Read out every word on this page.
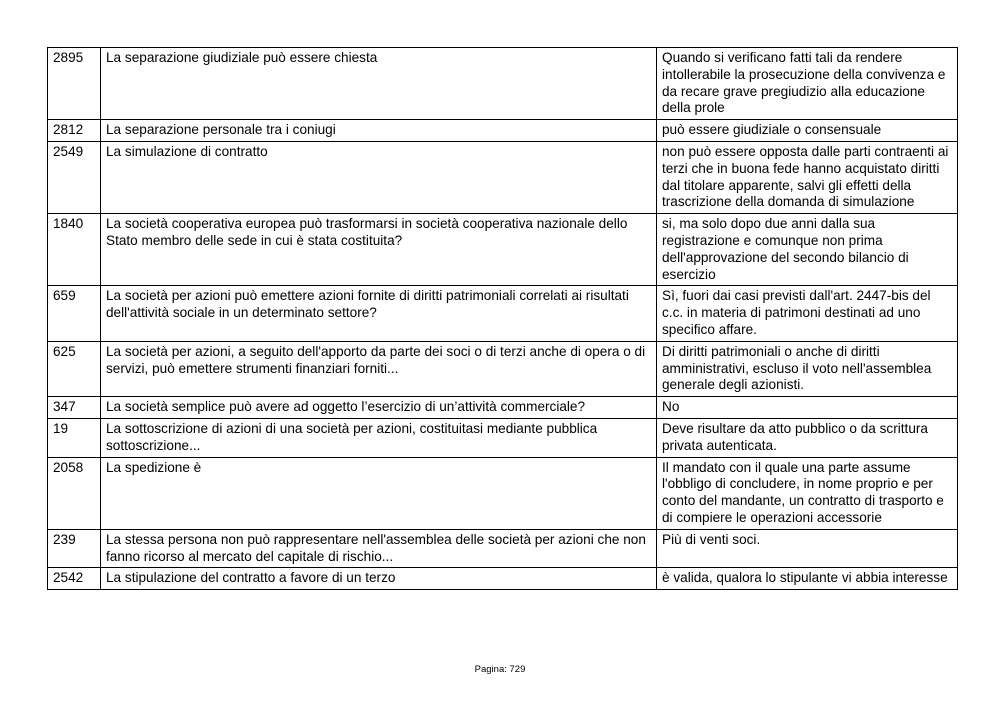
2895	La separazione giudiziale può essere chiesta	Quando si verificano fatti tali da rendere intollerabile la prosecuzione della convivenza e da recare grave pregiudizio alla educazione della prole
2812	La separazione personale tra i coniugi	può essere giudiziale o consensuale
2549	La simulazione di contratto	non può essere opposta dalle parti contraenti ai terzi che in buona fede hanno acquistato diritti dal titolare apparente, salvi gli effetti della trascrizione della domanda di simulazione
1840	La società cooperativa europea può trasformarsi in società cooperativa nazionale dello Stato membro delle sede in cui è stata costituita?	si, ma solo dopo due anni dalla sua registrazione e comunque non prima dell'approvazione del secondo bilancio di esercizio
659	La società per azioni può emettere azioni fornite di diritti patrimoniali correlati ai risultati dell'attività sociale in un determinato settore?	Sì, fuori dai casi previsti dall'art. 2447-bis del c.c. in materia di patrimoni destinati ad uno specifico affare.
625	La società per azioni, a seguito dell'apporto da parte dei soci o di terzi anche di opera o di servizi, può emettere strumenti finanziari forniti...	Di diritti patrimoniali o anche di diritti amministrativi, escluso il voto nell'assemblea generale degli azionisti.
347	La società semplice può avere ad oggetto l’esercizio di un’attività commerciale?	No
19	La sottoscrizione di azioni di una società per azioni, costituitasi mediante pubblica sottoscrizione...	Deve risultare da atto pubblico o da scrittura privata autenticata.
2058	La spedizione è	Il mandato con il quale una parte assume l'obbligo di concludere, in nome proprio e per conto del mandante, un contratto di trasporto e di compiere le operazioni accessorie
239	La stessa persona non può rappresentare nell'assemblea delle società per azioni che non fanno ricorso al mercato del capitale di rischio...	Più di venti soci.
2542	La stipulazione del contratto a favore di un terzo	è valida, qualora lo stipulante vi abbia interesse
Pagina: 729
